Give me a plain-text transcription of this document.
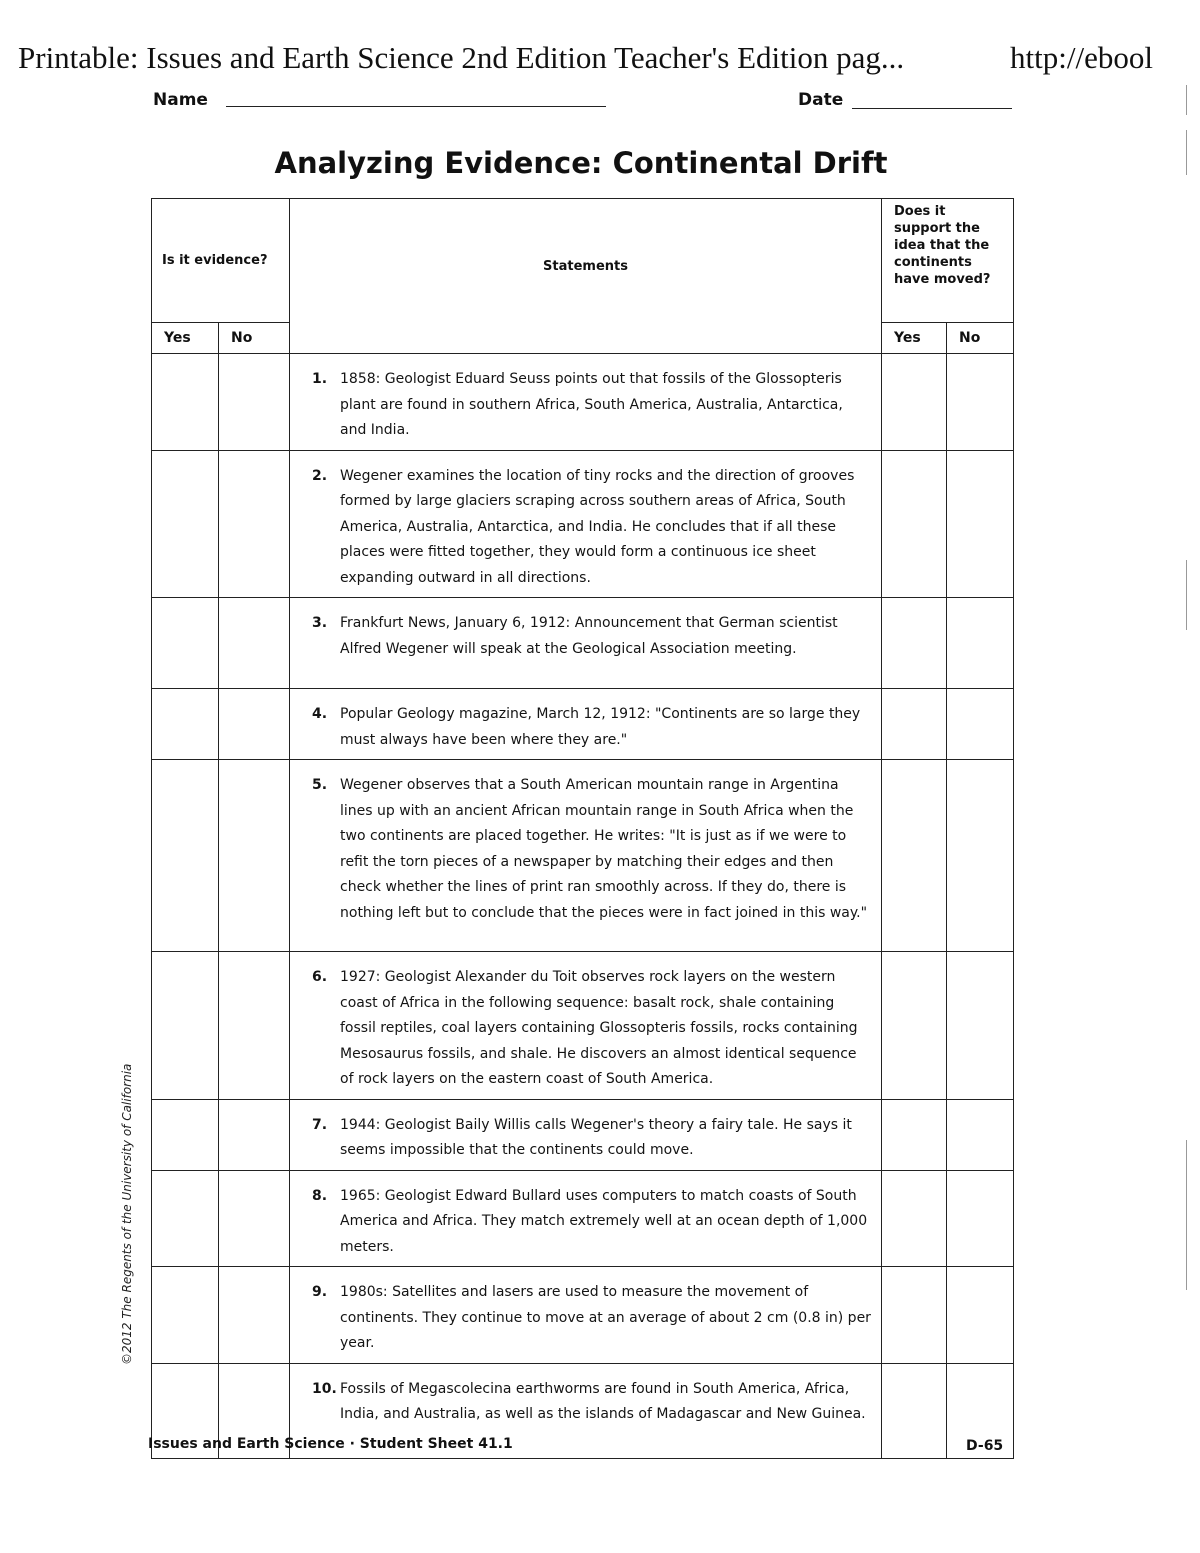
Printable: Issues and Earth Science 2nd Edition Teacher's Edition pag...	http://ebool
Name	Date
Analyzing Evidence: Continental Drift
Is it evidence?		Statements	Does it support the idea that the continents have moved?	
Yes	No		Yes	No

		1. 1858: Geologist Eduard Seuss points out that fossils of the Glossopteris plant are found in southern Africa, South America, Australia, Antarctica, and India.		

		2. Wegener examines the location of tiny rocks and the direction of grooves formed by large glaciers scraping across southern areas of Africa, South America, Australia, Antarctica, and India. He concludes that if all these places were fitted together, they would form a continuous ice sheet expanding outward in all directions.		

		3. Frankfurt News, January 6, 1912: Announcement that German scientist Alfred Wegener will speak at the Geological Association meeting.		

		4. Popular Geology magazine, March 12, 1912: "Continents are so large they must always have been where they are."		

		5. Wegener observes that a South American mountain range in Argentina lines up with an ancient African mountain range in South Africa when the two continents are placed together. He writes: "It is just as if we were to refit the torn pieces of a newspaper by matching their edges and then check whether the lines of print ran smoothly across. If they do, there is nothing left but to conclude that the pieces were in fact joined in this way."		

		6. 1927: Geologist Alexander du Toit observes rock layers on the western coast of Africa in the following sequence: basalt rock, shale containing fossil reptiles, coal layers containing Glossopteris fossils, rocks containing Mesosaurus fossils, and shale. He discovers an almost identical sequence of rock layers on the eastern coast of South America.		

		7. 1944: Geologist Baily Willis calls Wegener's theory a fairy tale. He says it seems impossible that the continents could move.		

		8. 1965: Geologist Edward Bullard uses computers to match coasts of South America and Africa. They match extremely well at an ocean depth of 1,000 meters.		

		9. 1980s: Satellites and lasers are used to measure the movement of continents. They continue to move at an average of about 2 cm (0.8 in) per year.		

		10. Fossils of Megascolecina earthworms are found in South America, Africa, India, and Australia, as well as the islands of Madagascar and New Guinea.		

Issues and Earth Science · Student Sheet 41.1	D-65
©2012 The Regents of the University of California
